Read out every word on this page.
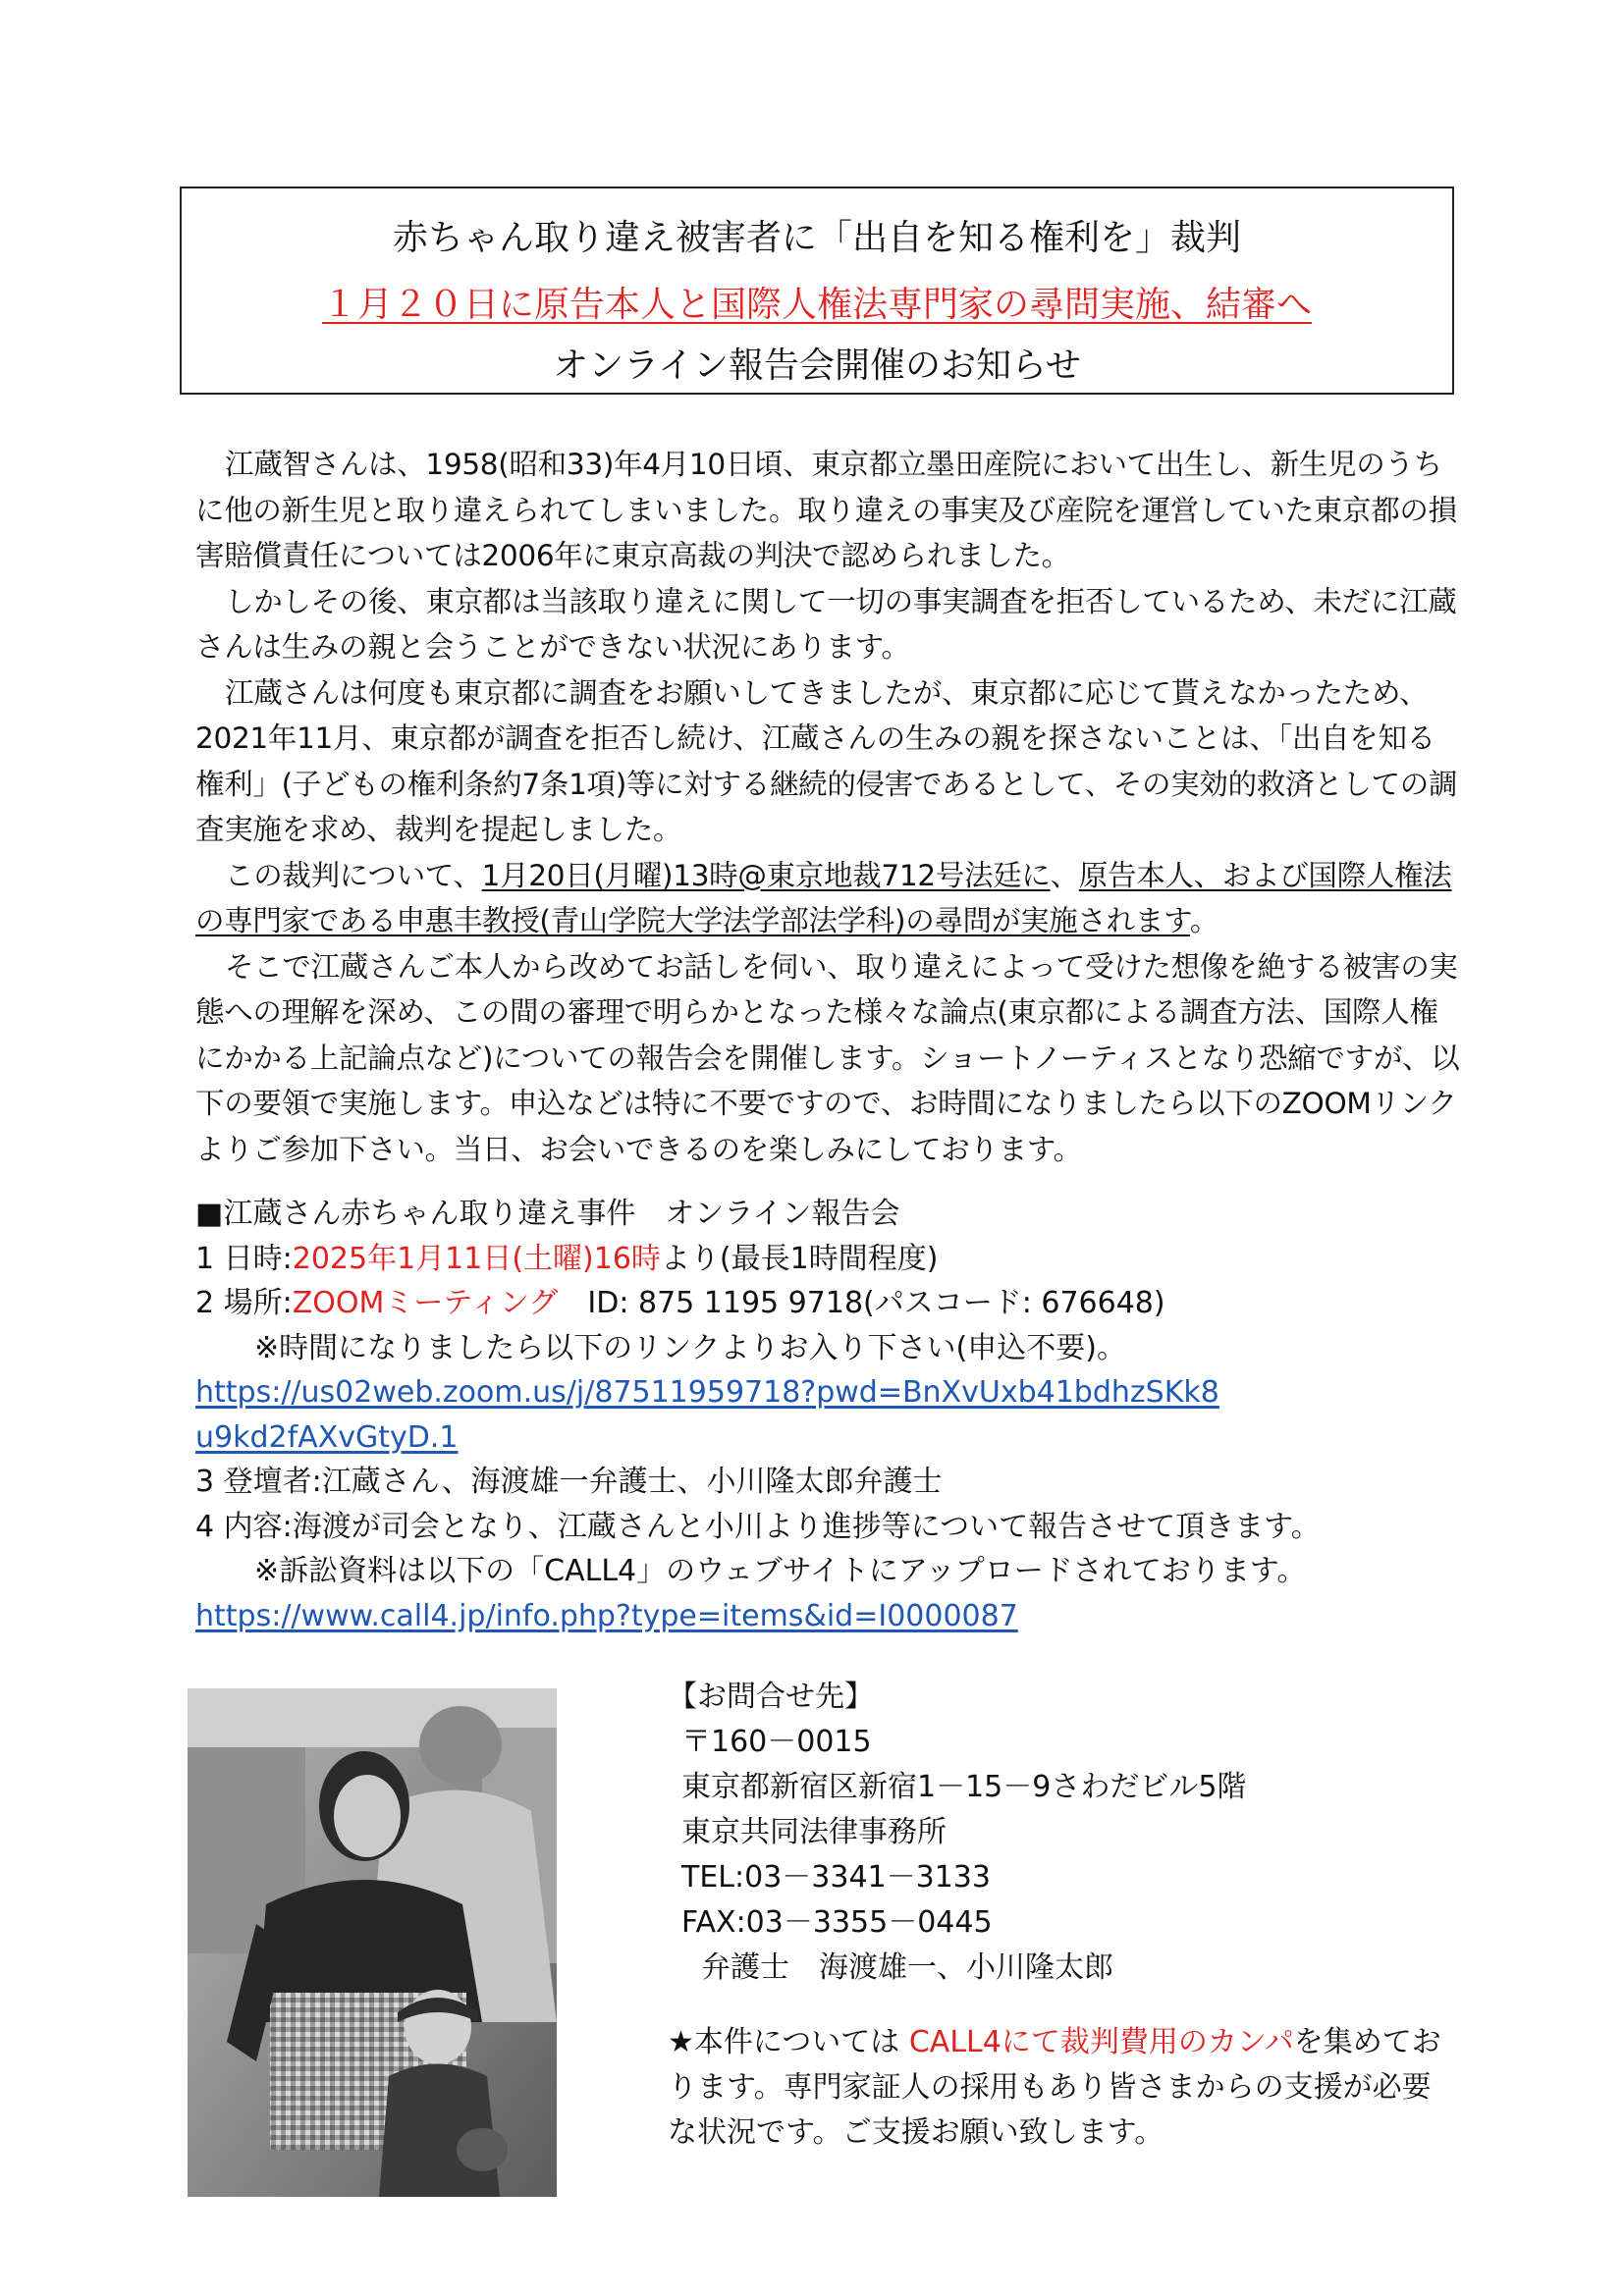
赤ちゃん取り違え被害者に「出自を知る権利を」裁判
１月２０日に原告本人と国際人権法専門家の尋問実施、結審へ
オンライン報告会開催のお知らせ

江蔵智さんは、1958(昭和33)年4月10日頃、東京都立墨田産院において出生し、新生児のうちに他の新生児と取り違えられてしまいました。取り違えの事実及び産院を運営していた東京都の損害賠償責任については2006年に東京高裁の判決で認められました。

しかしその後、東京都は当該取り違えに関して一切の事実調査を拒否しているため、未だに江蔵さんは生みの親と会うことができない状況にあります。

江蔵さんは何度も東京都に調査をお願いしてきましたが、東京都に応じて貰えなかったため、2021年11月、東京都が調査を拒否し続け、江蔵さんの生みの親を探さないことは、「出自を知る権利」(子どもの権利条約7条1項)等に対する継続的侵害であるとして、その実効的救済としての調査実施を求め、裁判を提起しました。

この裁判について、1月20日(月曜)13時@東京地裁712号法廷に、原告本人、および国際人権法の専門家である申惠丰教授(青山学院大学法学部法学科)の尋問が実施されます。

そこで江蔵さんご本人から改めてお話しを伺い、取り違えによって受けた想像を絶する被害の実態への理解を深め、この間の審理で明らかとなった様々な論点(東京都による調査方法、国際人権にかかる上記論点など)についての報告会を開催します。ショートノーティスとなり恐縮ですが、以下の要領で実施します。申込などは特に不要ですので、お時間になりましたら以下のZOOMリンクよりご参加下さい。当日、お会いできるのを楽しみにしております。

■江蔵さん赤ちゃん取り違え事件　オンライン報告会
1 日時:2025年1月11日(土曜)16時より(最長1時間程度)
2 場所:ZOOMミーティング　ID: 875 1195 9718(パスコード: 676648)
※時間になりましたら以下のリンクよりお入り下さい(申込不要)。
https://us02web.zoom.us/j/87511959718?pwd=BnXvUxb41bdhzSKk8
u9kd2fAXvGtyD.1
3 登壇者:江蔵さん、海渡雄一弁護士、小川隆太郎弁護士
4 内容:海渡が司会となり、江蔵さんと小川より進捗等について報告させて頂きます。
※訴訟資料は以下の「CALL4」のウェブサイトにアップロードされております。
https://www.call4.jp/info.php?type=items&id=I0000087
【お問合せ先】
〒160－0015
東京都新宿区新宿1－15－9さわだビル5階
東京共同法律事務所
TEL:03－3341－3133
FAX:03－3355－0445
弁護士　海渡雄一、小川隆太郎
★本件については CALL4にて裁判費用のカンパを集めております。専門家証人の採用もあり皆さまからの支援が必要な状況です。ご支援お願い致します。
